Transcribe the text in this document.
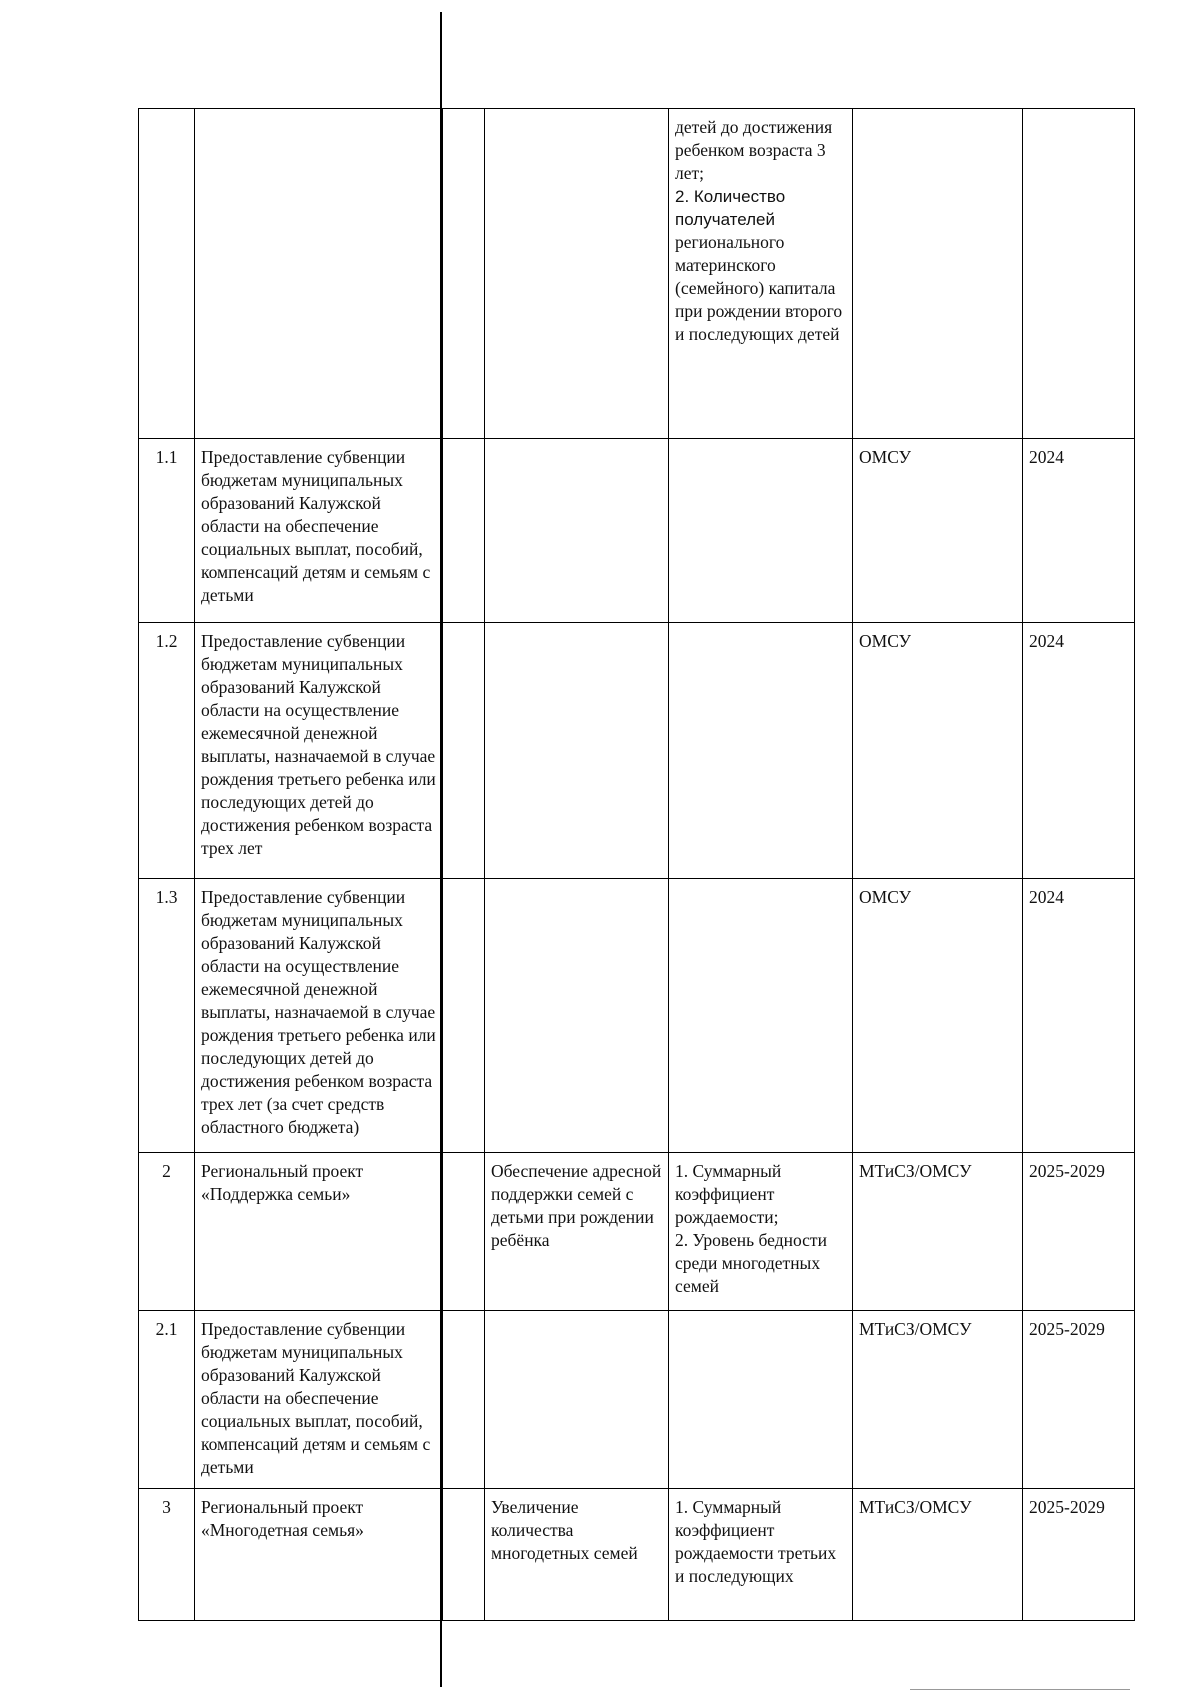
				детей до достижения ребенком возраста 3 лет;
2. Количество получателей
регионального материнского (семейного) капитала при рождении второго и последующих детей		

1.1	Предоставление субвенции бюджетам муниципальных образований Калужской области на обеспечение социальных выплат, пособий, компенсаций детям и семьям с детьми				ОМСУ	2024
1.2	Предоставление субвенции бюджетам муниципальных образований Калужской области на осуществление ежемесячной денежной выплаты, назначаемой в случае рождения третьего ребенка или последующих детей до достижения ребенком возраста трех лет				ОМСУ	2024
1.3	Предоставление субвенции бюджетам муниципальных образований Калужской области на осуществление ежемесячной денежной выплаты, назначаемой в случае рождения третьего ребенка или последующих детей до достижения ребенком возраста трех лет (за счет средств областного бюджета)				ОМСУ	2024
2	Региональный проект «Поддержка семьи»		Обеспечение адресной поддержки семей с детьми при рождении ребёнка	1. Суммарный коэффициент рождаемости;
2. Уровень бедности среди многодетных семей	МТиСЗ/ОМСУ	2025-2029
2.1	Предоставление субвенции бюджетам муниципальных образований Калужской области на обеспечение социальных выплат, пособий, компенсаций детям и семьям с детьми				МТиСЗ/ОМСУ	2025-2029
3	Региональный проект «Многодетная семья»		Увеличение количества многодетных семей	1. Суммарный коэффициент рождаемости третьих и последующих	МТиСЗ/ОМСУ	2025-2029
